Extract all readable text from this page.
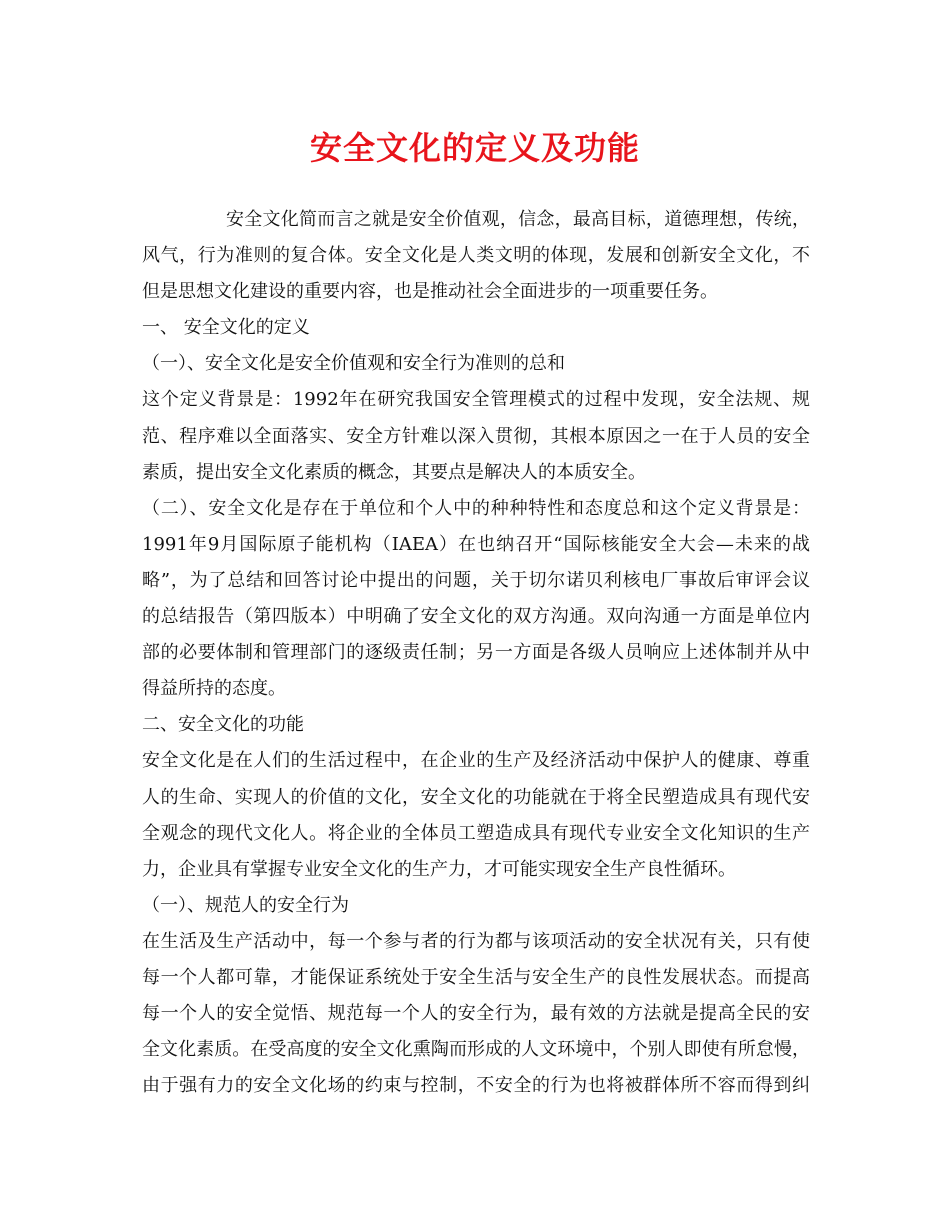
安全文化的定义及功能
安全文化简而言之就是安全价值观，信念，最高目标，道德理想，传统，
风气，行为准则的复合体。安全文化是人类文明的体现，发展和创新安全文化，不
但是思想文化建设的重要内容，也是推动社会全面进步的一项重要任务。
一、 安全文化的定义
（一）、安全文化是安全价值观和安全行为准则的总和
这个定义背景是：1992年在研究我国安全管理模式的过程中发现，安全法规、规
范、程序难以全面落实、安全方针难以深入贯彻，其根本原因之一在于人员的安全
素质，提出安全文化素质的概念，其要点是解决人的本质安全。
（二）、安全文化是存在于单位和个人中的种种特性和态度总和这个定义背景是：
1991年9月国际原子能机构（IAEA）在也纳召开“国际核能安全大会—未来的战
略”，为了总结和回答讨论中提出的问题，关于切尔诺贝利核电厂事故后审评会议
的总结报告（第四版本）中明确了安全文化的双方沟通。双向沟通一方面是单位内
部的必要体制和管理部门的逐级责任制；另一方面是各级人员响应上述体制并从中
得益所持的态度。
二、安全文化的功能
安全文化是在人们的生活过程中，在企业的生产及经济活动中保护人的健康、尊重
人的生命、实现人的价值的文化，安全文化的功能就在于将全民塑造成具有现代安
全观念的现代文化人。将企业的全体员工塑造成具有现代专业安全文化知识的生产
力，企业具有掌握专业安全文化的生产力，才可能实现安全生产良性循环。
（一）、规范人的安全行为
在生活及生产活动中，每一个参与者的行为都与该项活动的安全状况有关，只有使
每一个人都可靠，才能保证系统处于安全生活与安全生产的良性发展状态。而提高
每一个人的安全觉悟、规范每一个人的安全行为，最有效的方法就是提高全民的安
全文化素质。在受高度的安全文化熏陶而形成的人文环境中，个别人即使有所怠慢，
由于强有力的安全文化场的约束与控制，不安全的行为也将被群体所不容而得到纠
